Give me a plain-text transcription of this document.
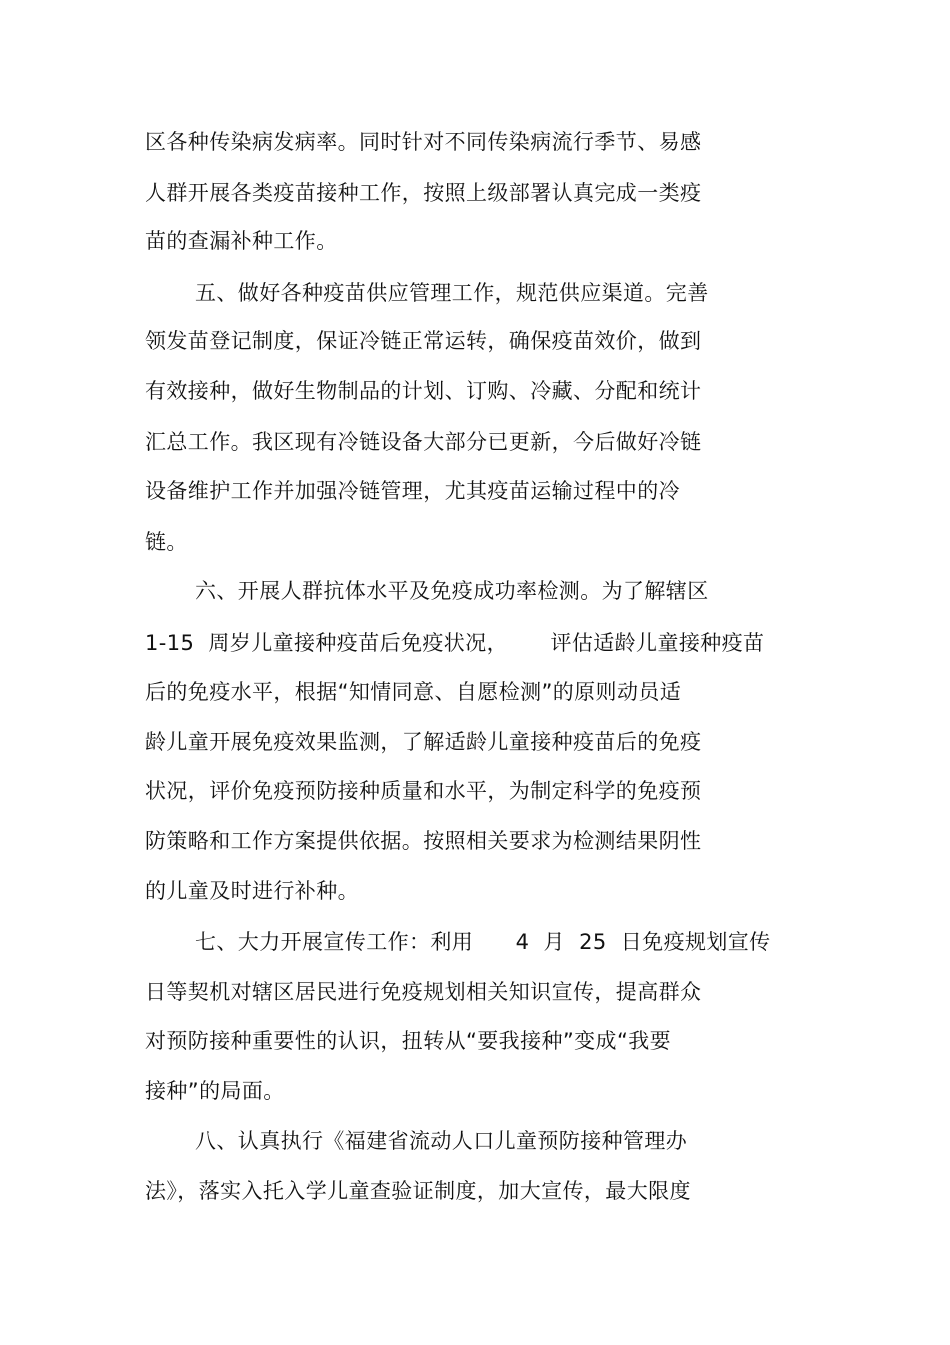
区各种传染病发病率。同时针对不同传染病流行季节、易感
人群开展各类疫苗接种工作，按照上级部署认真完成一类疫
苗的查漏补种工作。
五、做好各种疫苗供应管理工作，规范供应渠道。完善
领发苗登记制度，保证冷链正常运转，确保疫苗效价，做到
有效接种，做好生物制品的计划、订购、冷藏、分配和统计
汇总工作。我区现有冷链设备大部分已更新，今后做好冷链
设备维护工作并加强冷链管理，尤其疫苗运输过程中的冷
链。
六、开展人群抗体水平及免疫成功率检测。为了解辖区
1-15  周岁儿童接种疫苗后免疫状况，      评估适龄儿童接种疫苗
后的免疫水平，根据“知情同意、自愿检测”的原则动员适
龄儿童开展免疫效果监测，了解适龄儿童接种疫苗后的免疫
状况，评价免疫预防接种质量和水平，为制定科学的免疫预
防策略和工作方案提供依据。按照相关要求为检测结果阴性
的儿童及时进行补种。
七、大力开展宣传工作：利用      4  月  25  日免疫规划宣传
日等契机对辖区居民进行免疫规划相关知识宣传，提高群众
对预防接种重要性的认识，扭转从“要我接种”变成“我要
接种”的局面。
八、认真执行《福建省流动人口儿童预防接种管理办
法》，落实入托入学儿童查验证制度，加大宣传，最大限度
